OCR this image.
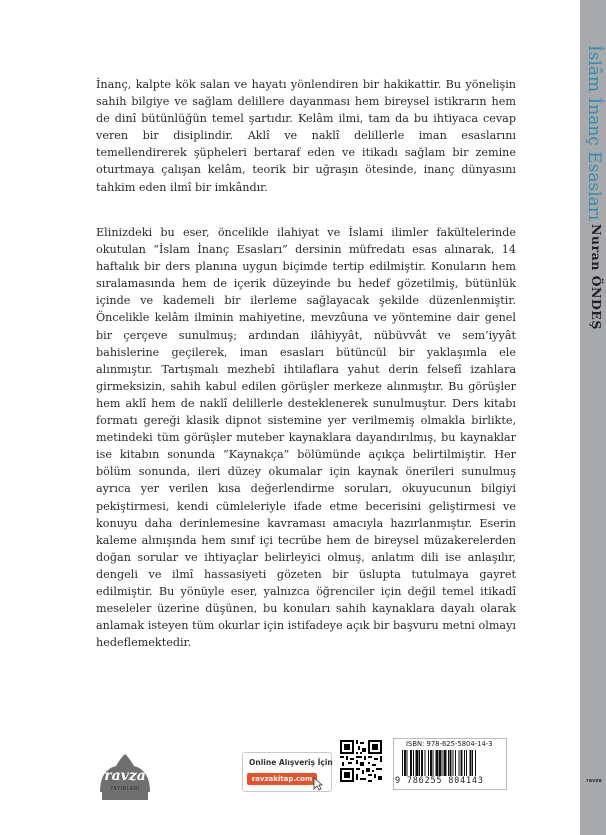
İslâm İnanç Esasları
Nuran ÖNDEŞ
ravza

İnanç, kalpte kök salan ve hayatı yönlendiren bir hakikattir. Bu yönelişin sahih bilgiye ve sağlam delillere dayanması hem bireysel istikrarın hem de dinî bütünlüğün temel şartıdır. Kelâm ilmi, tam da bu ihtiyaca cevap veren bir disiplindir. Aklî ve naklî delillerle iman esaslarını temellendirerek şüpheleri bertaraf eden ve itikadı sağlam bir zemine oturtmaya çalışan kelâm, teorik bir uğraşın ötesinde, inanç dünyasını tahkim eden ilmî bir imkândır.

Elinizdeki bu eser, öncelikle ilahiyat ve İslami ilimler fakültelerinde okutulan “İslam İnanç Esasları” dersinin müfredatı esas alınarak, 14 haftalık bir ders planına uygun biçimde tertip edilmiştir. Konuların hem sıralamasında hem de içerik düzeyinde bu hedef gözetilmiş, bütünlük içinde ve kademeli bir ilerleme sağlayacak şekilde düzenlenmiştir. Öncelikle kelâm ilminin mahiyetine, mevzûuna ve yöntemine dair genel bir çerçeve sunulmuş; ardından ilâhiyyât, nübüvvât ve sem’iyyât bahislerine geçilerek, iman esasları bütüncül bir yaklaşımla ele alınmıştır. Tartışmalı mezhebî ihtilaflara yahut derin felsefî izahlara girmeksizin, sahih kabul edilen görüşler merkeze alınmıştır. Bu görüşler hem aklî hem de naklî delillerle desteklenerek sunulmuştur. Ders kitabı formatı gereği klasik dipnot sistemine yer verilmemiş olmakla birlikte, metindeki tüm görüşler muteber kaynaklara dayandırılmış, bu kaynaklar ise kitabın sonunda “Kaynakça” bölümünde açıkça belirtilmiştir. Her bölüm sonunda, ileri düzey okumalar için kaynak önerileri sunulmuş ayrıca yer verilen kısa değerlendirme soruları, okuyucunun bilgiyi pekiştirmesi, kendi cümleleriyle ifade etme becerisini geliştirmesi ve konuyu daha derinlemesine kavraması amacıyla hazırlanmıştır. Eserin kaleme alınışında hem sınıf içi tecrübe hem de bireysel müzakerelerden doğan sorular ve ihtiyaçlar belirleyici olmuş, anlatım dili ise anlaşılır, dengeli ve ilmî hassasiyeti gözeten bir üslupta tutulmaya gayret edilmiştir. Bu yönüyle eser, yalnızca öğrenciler için değil temel itikadî meseleler üzerine düşünen, bu konuları sahih kaynaklara dayalı olarak anlamak isteyen tüm okurlar için istifadeye açık bir başvuru metni olmayı hedeflemektedir.

ravza
YAYINLARI
Online Alışveriş İçin
ravzakitap.com
ISBN: 978-625-5804-14-3
9 786255 804143
